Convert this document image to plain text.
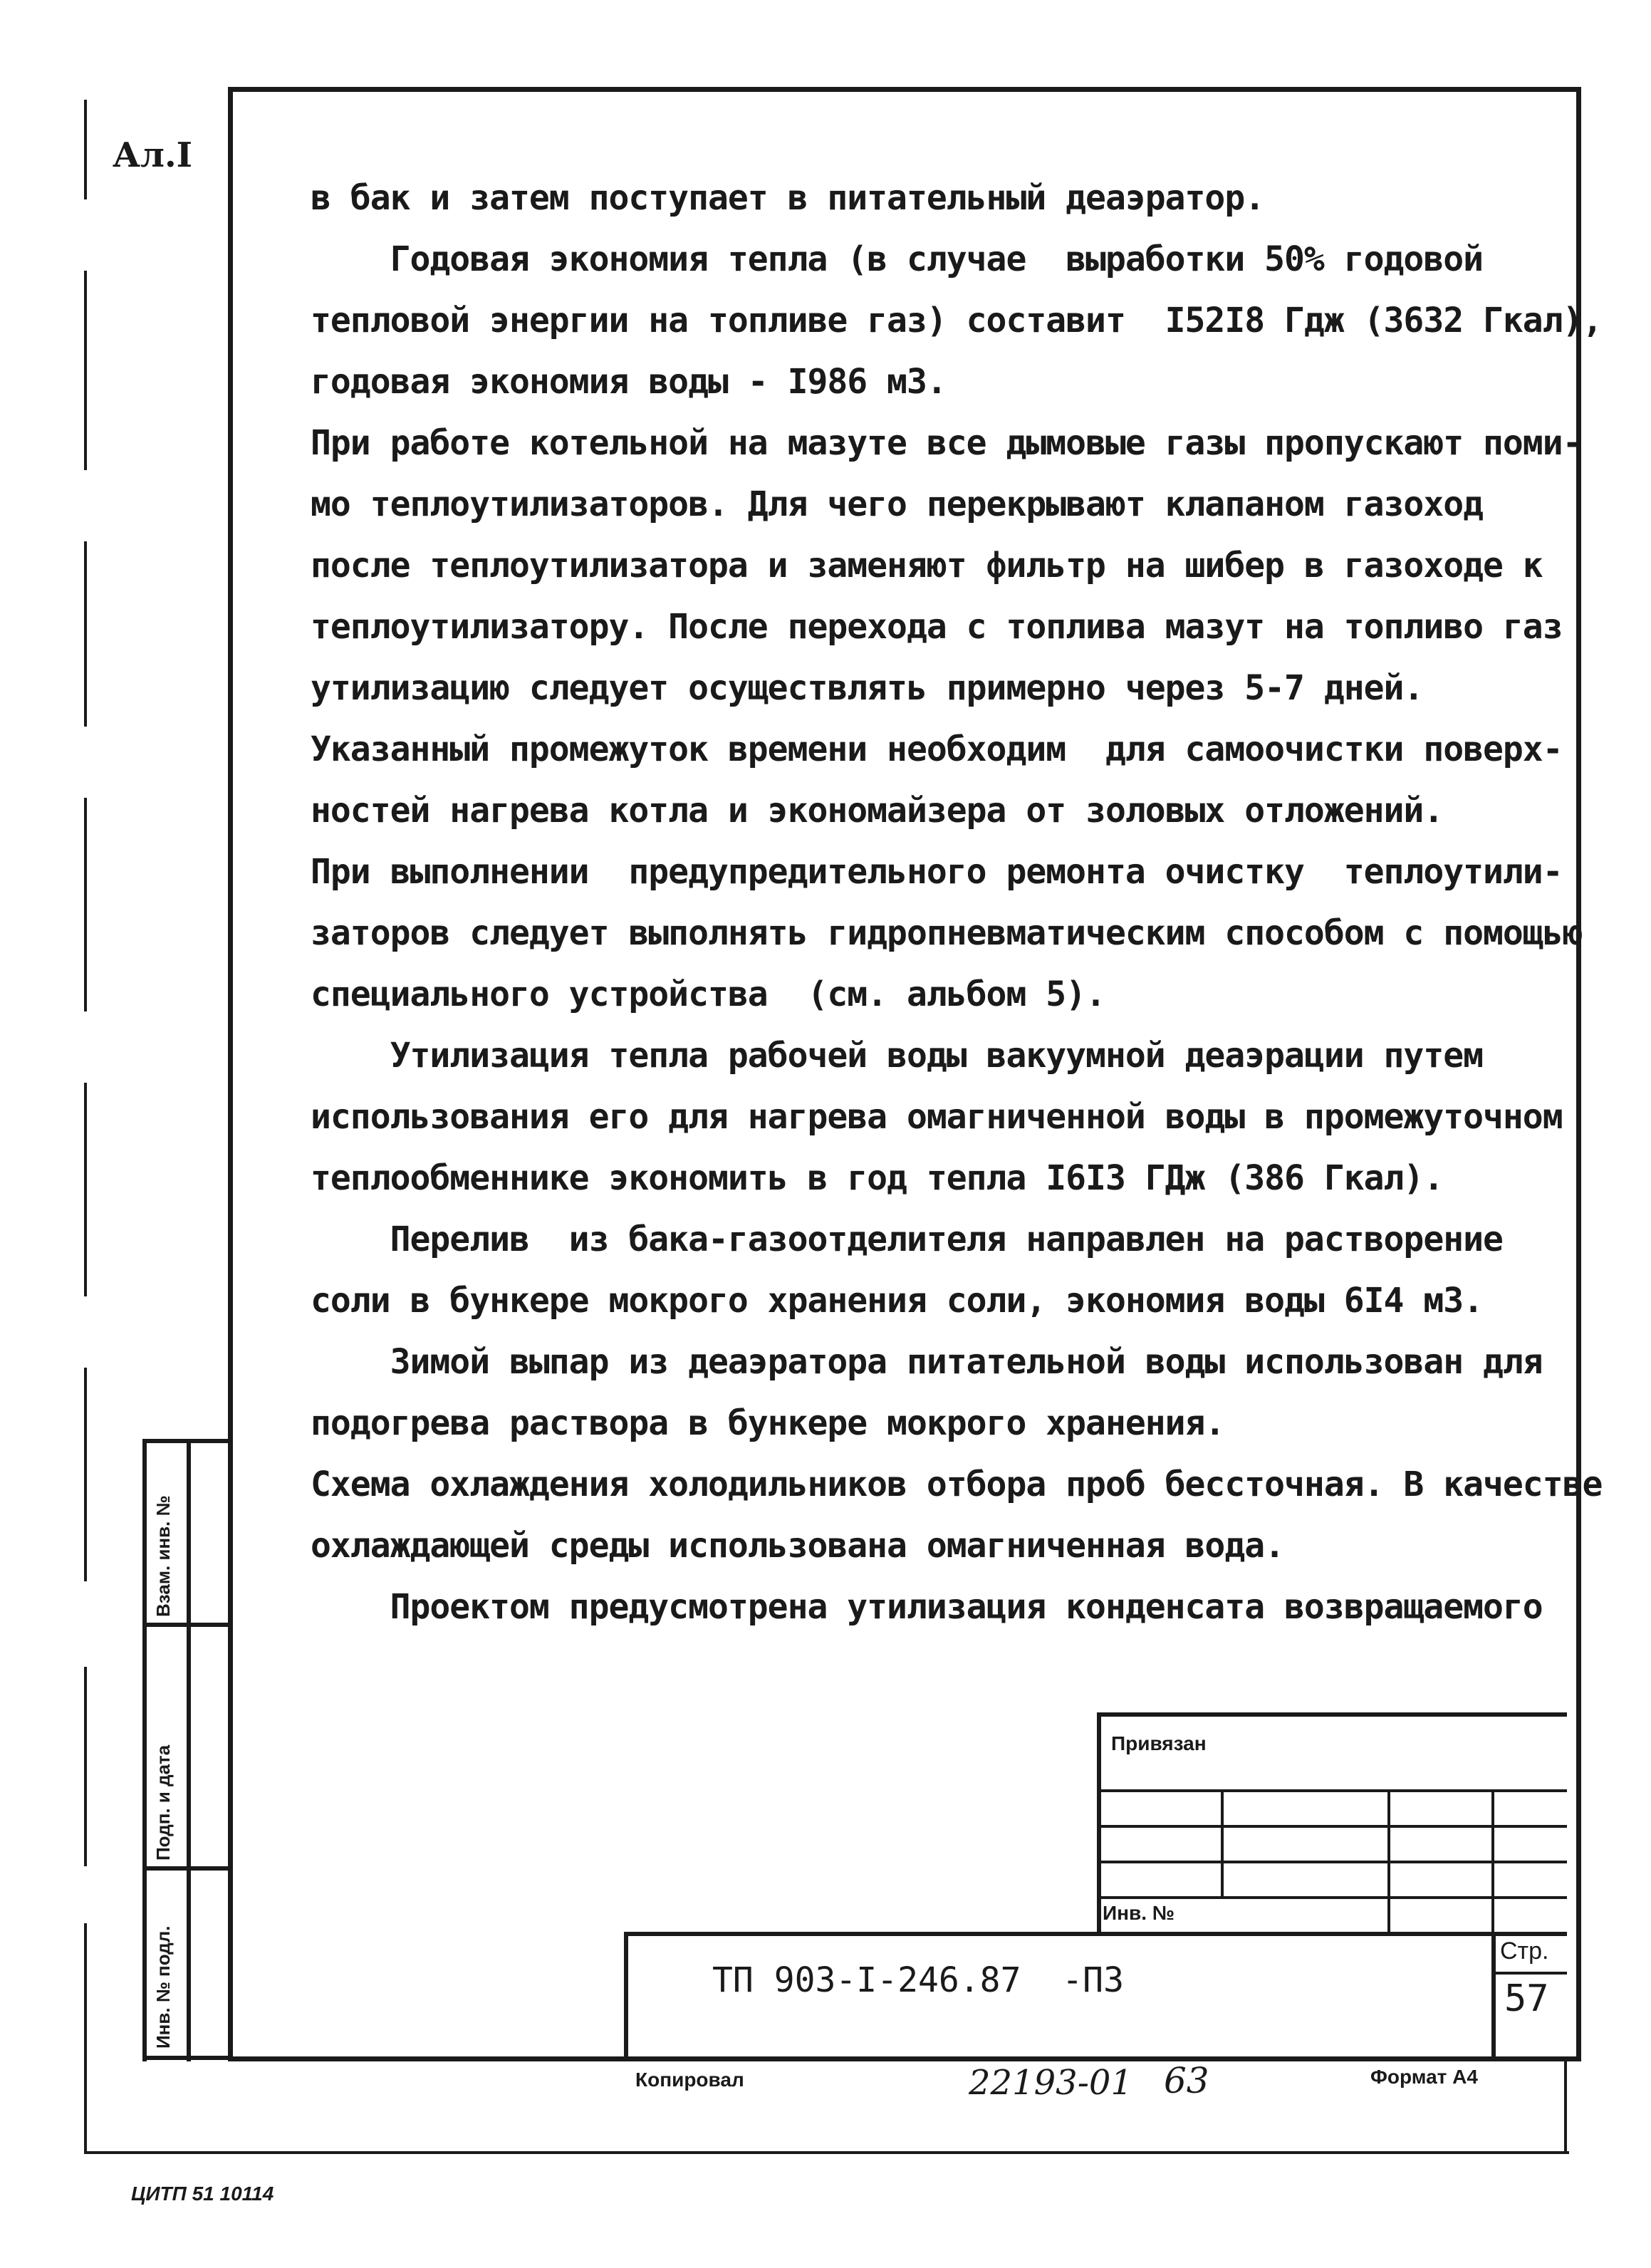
Ал.I
в бак и затем поступает в питательный деаэратор.
Годовая экономия тепла (в случае  выработки 50% годовой
тепловой энергии на топливе газ) составит  I52I8 Гдж (3632 Гкал),
годовая экономия воды - I986 м3.
При работе котельной на мазуте все дымовые газы пропускают поми-
мо теплоутилизаторов. Для чего перекрывают клапаном газоход
после теплоутилизатора и заменяют фильтр на шибер в газоходе к
теплоутилизатору. После перехода с топлива мазут на топливо газ
утилизацию следует осуществлять примерно через 5-7 дней.
Указанный промежуток времени необходим  для самоочистки поверх-
ностей нагрева котла и экономайзера от золовых отложений.
При выполнении  предупредительного ремонта очистку  теплоутили-
заторов следует выполнять гидропневматическим способом с помощью
специального устройства  (см. альбом 5).
Утилизация тепла рабочей воды вакуумной деаэрации путем
использования его для нагрева омагниченной воды в промежуточном
теплообменнике экономить в год тепла I6I3 ГДж (386 Гкал).
Перелив  из бака-газоотделителя направлен на растворение
соли в бункере мокрого хранения соли, экономия воды 6I4 м3.
Зимой выпар из деаэратора питательной воды использован для
подогрева раствора в бункере мокрого хранения.
Схема охлаждения холодильников отбора проб бессточная. В качестве
охлаждающей среды использована омагниченная вода.
Проектом предусмотрена утилизация конденсата возвращаемого
Взам. инв. №
Подп. и дата
Инв. № подл.
Привязан
Инв. №
ТП 903-I-246.87  -ПЗ
Стр.
57
Копировал	22193-01 63	Формат А4
ЦИТП 51 10114
